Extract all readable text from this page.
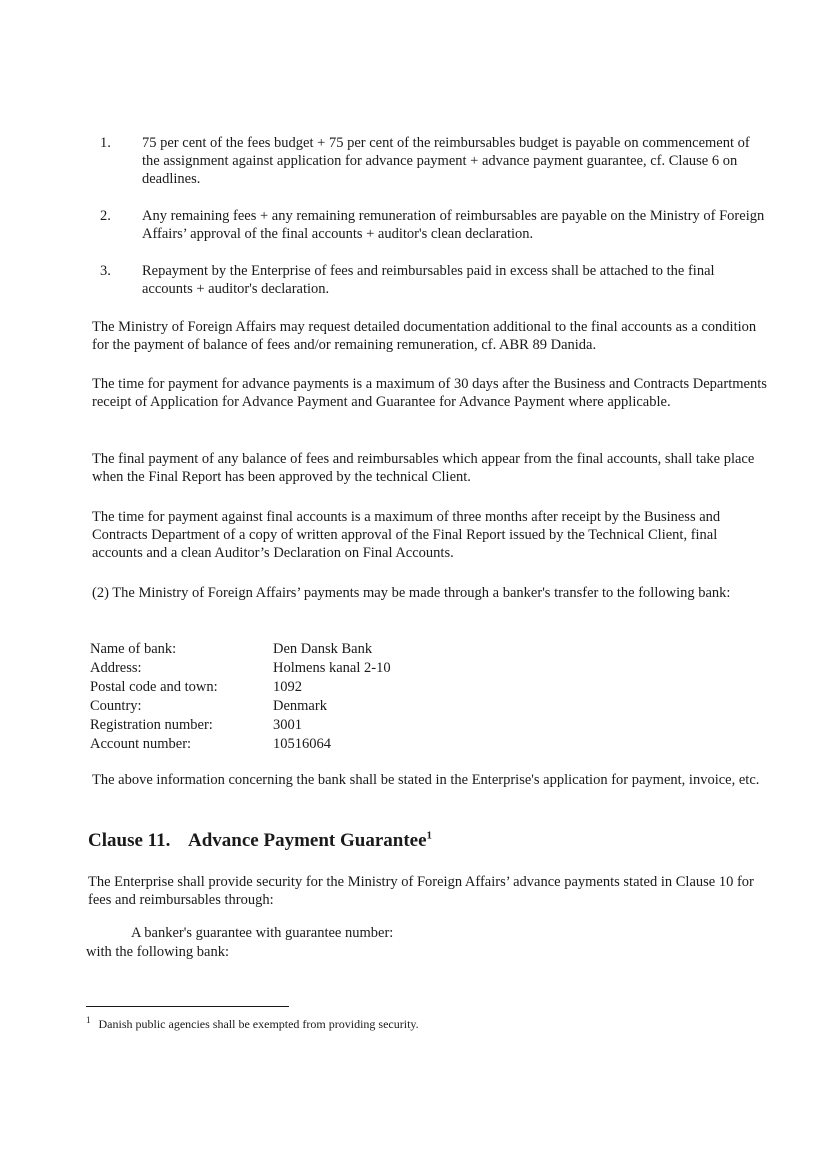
1.	75 per cent of the fees budget + 75 per cent of the reimbursables budget is payable on commencement of the assignment against application for advance payment + advance payment guarantee, cf. Clause 6 on deadlines.
2.	Any remaining fees + any remaining remuneration of reimbursables are payable on the Ministry of Foreign Affairs’ approval of the final accounts + auditor's clean declaration.
3.	Repayment by the Enterprise of fees and reimbursables paid in excess shall be attached to the final accounts + auditor's declaration.
The Ministry of Foreign Affairs may request detailed documentation additional to the final accounts as a condition for the payment of balance of fees and/or remaining remuneration, cf. ABR 89 Danida.
The time for payment for advance payments is a maximum of 30 days after the Business and Contracts Departments receipt of Application for Advance Payment and Guarantee for Advance Payment where applicable.
The final payment of any balance of fees and reimbursables which appear from the final accounts, shall take place when the Final Report has been approved by the technical Client.
The time for payment against final accounts is a maximum of three months after receipt by the Business and Contracts Department of a copy of written approval of the Final Report issued by the Technical Client, final accounts and a clean Auditor’s Declaration on Final Accounts.
(2) The Ministry of Foreign Affairs’ payments may be made through a banker's transfer to the following bank:
Name of bank:	Den Dansk Bank
Address:	Holmens kanal 2-10
Postal code and town:	1092
Country:	Denmark
Registration number:	3001
Account number:	10516064
The above information concerning the bank shall be stated in the Enterprise's application for payment, invoice, etc.
Clause 11. Advance Payment Guarantee$^1$
The Enterprise shall provide security for the Ministry of Foreign Affairs’ advance payments stated in Clause 10 for fees and reimbursables through:
A banker's guarantee with guarantee number:
with the following bank:
$^1$ Danish public agencies shall be exempted from providing security.
